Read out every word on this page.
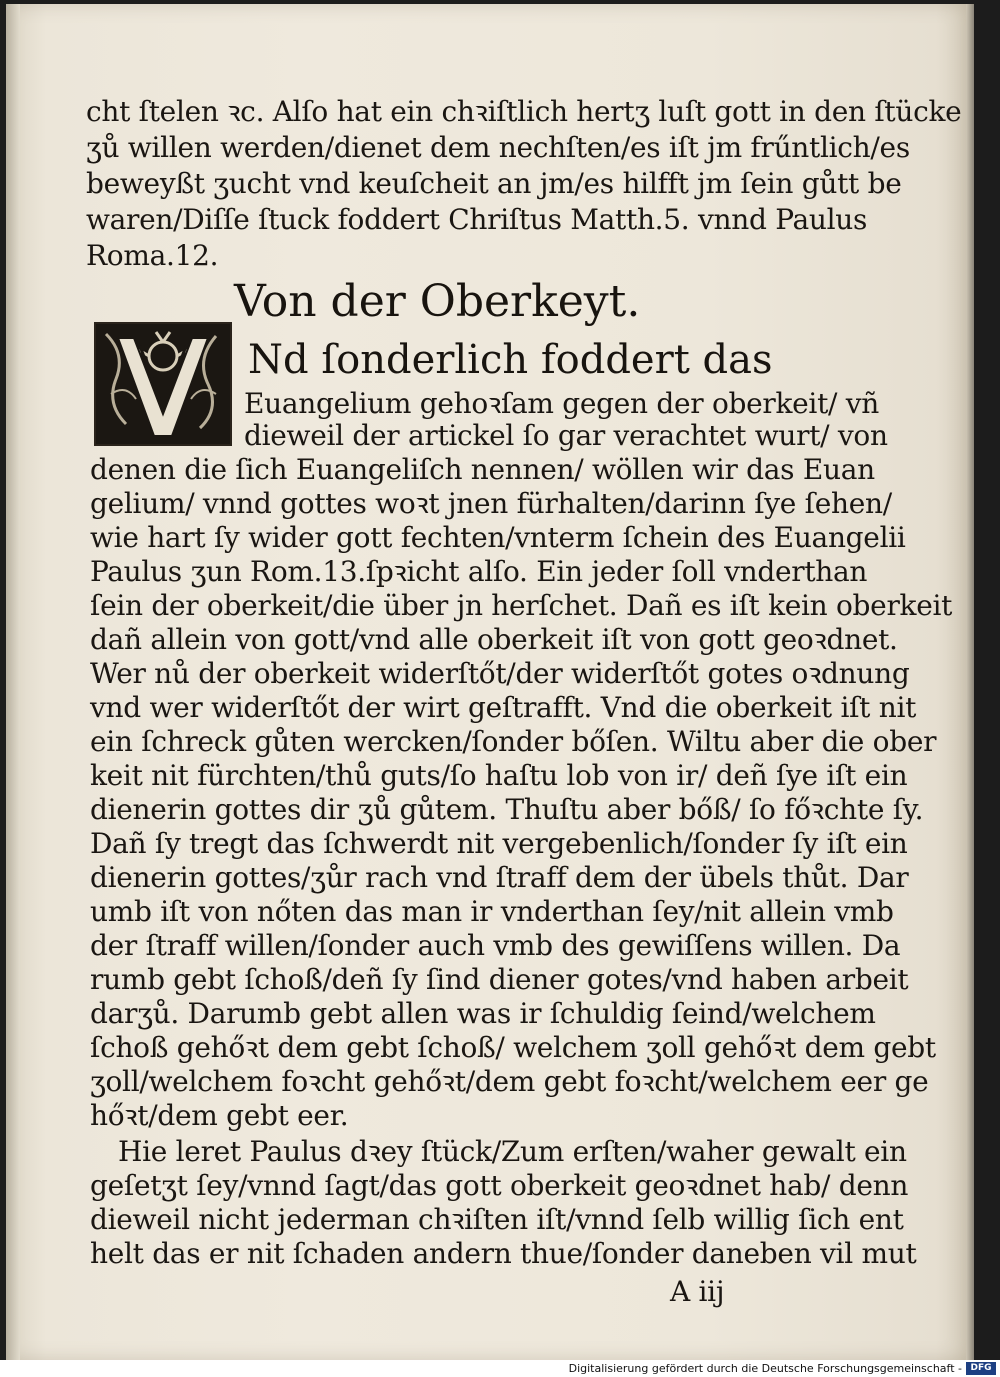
cht ſtelen ꝛc. Alſo hat ein chꝛiſtlich hertʒ luſt gott in den ſtücke
ʒů willen werden/dienet dem nechſten/es iſt jm frűntlich/es
beweyßt ʒucht vnd keuſcheit an jm/es hilfft jm ſein gůtt be
waren/Diſſe ſtuck foddert Chriſtus Matth.5. vnnd Paulus
Roma.12.
Von der Oberkeyt.
V
Nd ſonderlich foddert das
Euangelium gehoꝛſam gegen der oberkeit/ vñ
dieweil der artickel ſo gar verachtet wurt/ von
denen die ſich Euangeliſch nennen/ wöllen wir das Euan
gelium/ vnnd gottes woꝛt jnen fürhalten/darinn ſye ſehen/
wie hart ſy wider gott fechten/vnterm ſchein des Euangelii
Paulus ʒun Rom.13.ſpꝛicht alſo. Ein jeder ſoll vnderthan
ſein der oberkeit/die über jn herſchet. Dañ es iſt kein oberkeit
dañ allein von gott/vnd alle oberkeit iſt von gott geoꝛdnet.
Wer nů der oberkeit widerſtőt/der widerſtőt gotes oꝛdnung
vnd wer widerſtőt der wirt geſtrafft. Vnd die oberkeit iſt nit
ein ſchreck gůten wercken/ſonder bőſen. Wiltu aber die ober
keit nit fürchten/thů guts/ſo haſtu lob von ir/ deñ ſye iſt ein
dienerin gottes dir ʒů gůtem. Thuſtu aber bőß/ ſo főꝛchte ſy.
Dañ ſy tregt das ſchwerdt nit vergebenlich/ſonder ſy iſt ein
dienerin gottes/ʒůr rach vnd ſtraff dem der übels thůt. Dar
umb iſt von nőten das man ir vnderthan ſey/nit allein vmb
der ſtraff willen/ſonder auch vmb des gewiſſens willen. Da
rumb gebt ſchoß/deñ ſy ſind diener gotes/vnd haben arbeit
darʒů. Darumb gebt allen was ir ſchuldig ſeind/welchem
ſchoß gehőꝛt dem gebt ſchoß/ welchem ʒoll gehőꝛt dem gebt
ʒoll/welchem foꝛcht gehőꝛt/dem gebt foꝛcht/welchem eer ge
hőꝛt/dem gebt eer.
Hie leret Paulus dꝛey ſtück/Zum erſten/waher gewalt ein
geſetʒt ſey/vnnd ſagt/das gott oberkeit geoꝛdnet hab/ denn
dieweil nicht jederman chꝛiſten iſt/vnnd ſelb willig ſich ent
helt das er nit ſchaden andern thue/ſonder daneben vil mut
A iij
Digitalisierung gefördert durch die Deutsche Forschungsgemeinschaft - DFG
